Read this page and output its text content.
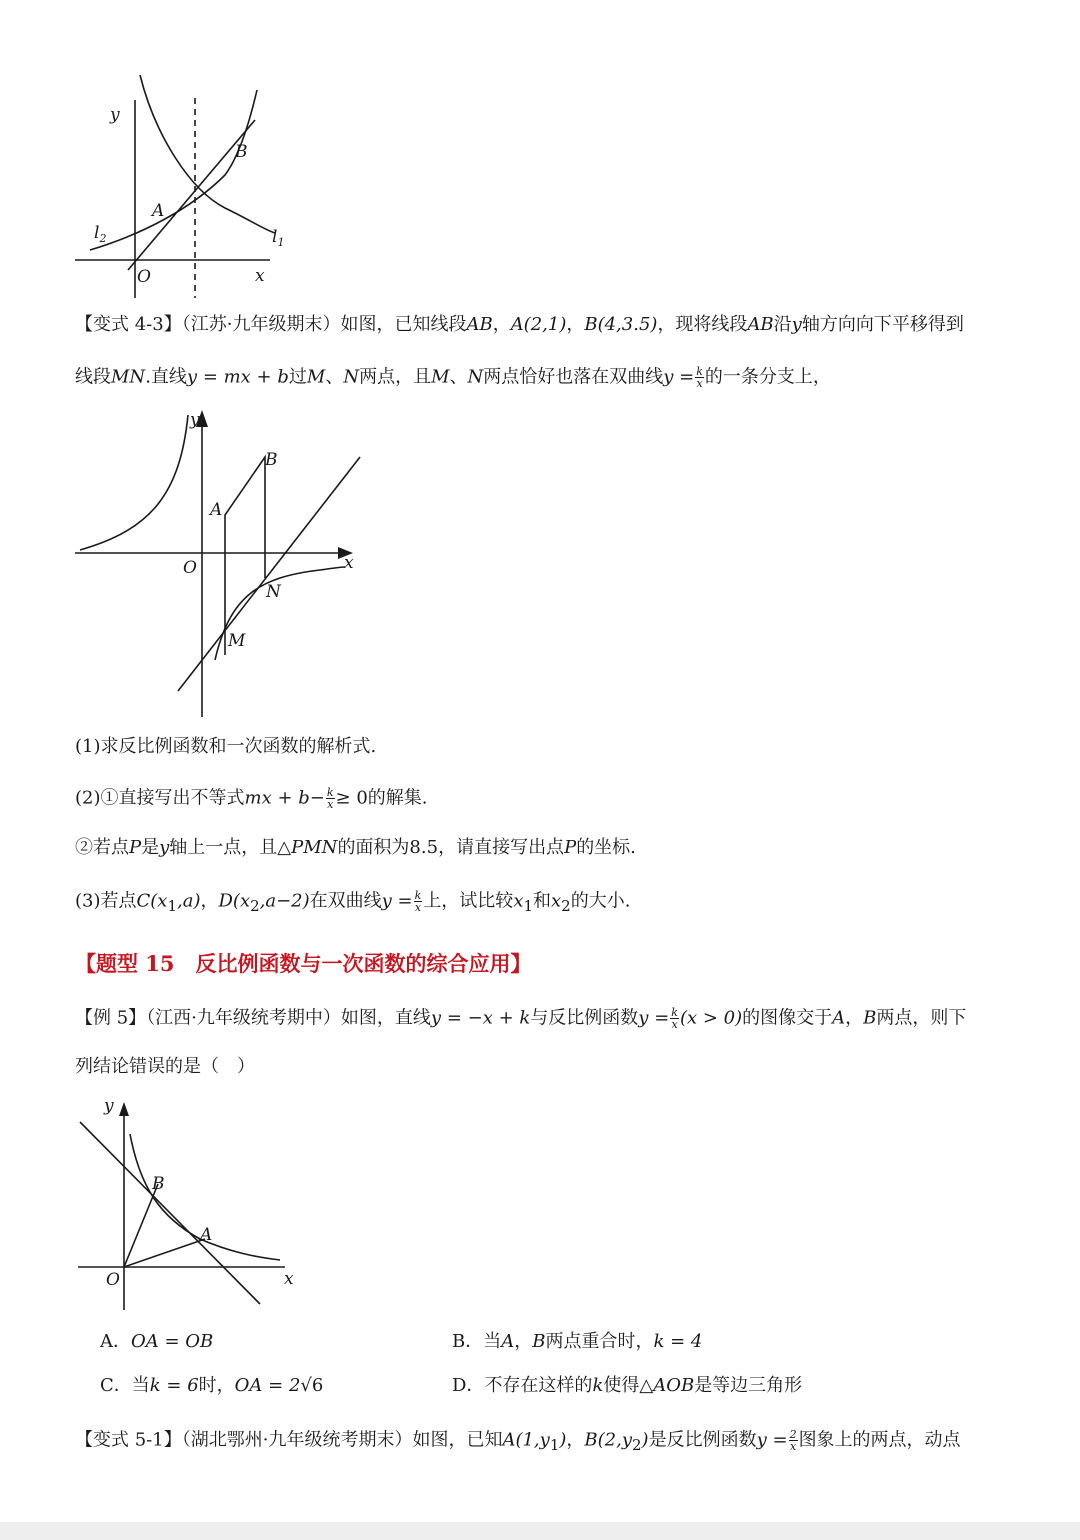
y
x
O
A
B
$l_2$	$l_1$
【变式 4-3】（江苏·九年级期末）如图，已知线段AB，A(2,1)，B(4,3.5)，现将线段AB沿y轴方向向下平移得到
线段MN.直线y = mx + b过M、N两点，且M、N两点恰好也落在双曲线$y = \frac{k}{x}$ 的一条分支上，
y
x
O
A
B
N
M
(1)求反比例函数和一次函数的解析式.
(2)①直接写出不等式mx + $b- \frac{k}{x} \ge 0$的解集.
②若点P是y轴上一点，且△PMN的面积为8.5，请直接写出点P的坐标.
(3)若点$C(x_1,a)$，$D(x_2,a-2)$在双曲线$y = \frac{k}{x}$ 上，试比较$x_1$和$x_2$的大小.
【题型 15　反比例函数与一次函数的综合应用】
【例 5】（江西·九年级统考期中）如图，直线y = −x + k与反比例函数$y = \frac{k}{x} (x > 0)$的图像交于A，B两点，则下
列结论错误的是（　）
y
x
O
B
A
A．OA = OB	B．当A，B两点重合时，k = 4
C．当k = 6时，OA = 2√6	D．不存在这样的k使得△AOB是等边三角形
【变式 5-1】（湖北鄂州·九年级统考期末）如图，已知$A(1,y_1)$，$B(2,y_2)$是反比例函数$y = \frac{2}{x}$ 图象上的两点，动点
